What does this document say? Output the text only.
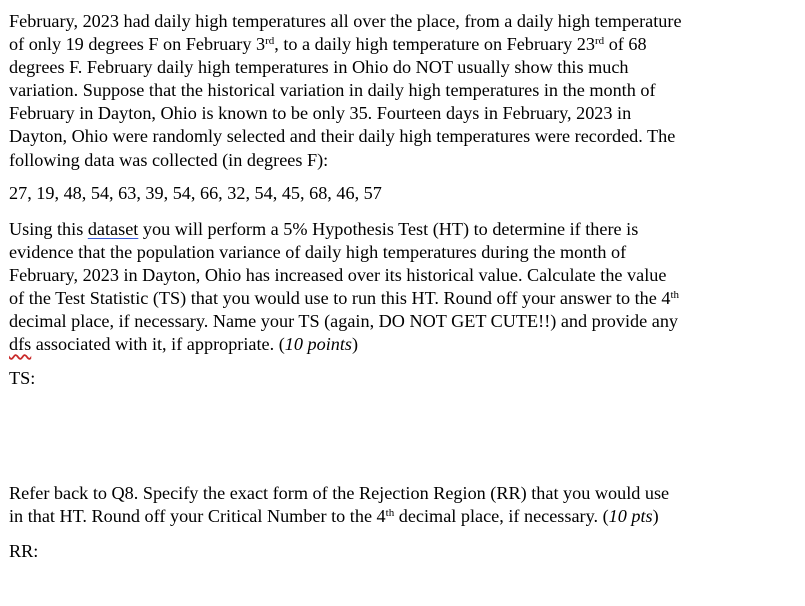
February, 2023 had daily high temperatures all over the place, from a daily high temperature
of only 19 degrees F on February 3rd, to a daily high temperature on February 23rd of 68
degrees F. February daily high temperatures in Ohio do NOT usually show this much
variation. Suppose that the historical variation in daily high temperatures in the month of
February in Dayton, Ohio is known to be only 35. Fourteen days in February, 2023 in
Dayton, Ohio were randomly selected and their daily high temperatures were recorded. The
following data was collected (in degrees F):

27, 19, 48, 54, 63, 39, 54, 66, 32, 54, 45, 68, 46, 57

Using this dataset you will perform a 5% Hypothesis Test (HT) to determine if there is
evidence that the population variance of daily high temperatures during the month of
February, 2023 in Dayton, Ohio has increased over its historical value. Calculate the value
of the Test Statistic (TS) that you would use to run this HT. Round off your answer to the 4th
decimal place, if necessary. Name your TS (again, DO NOT GET CUTE!!) and provide any
dfs associated with it, if appropriate. (10 points)

TS:

Refer back to Q8. Specify the exact form of the Rejection Region (RR) that you would use
in that HT. Round off your Critical Number to the 4th decimal place, if necessary. (10 pts)

RR:
